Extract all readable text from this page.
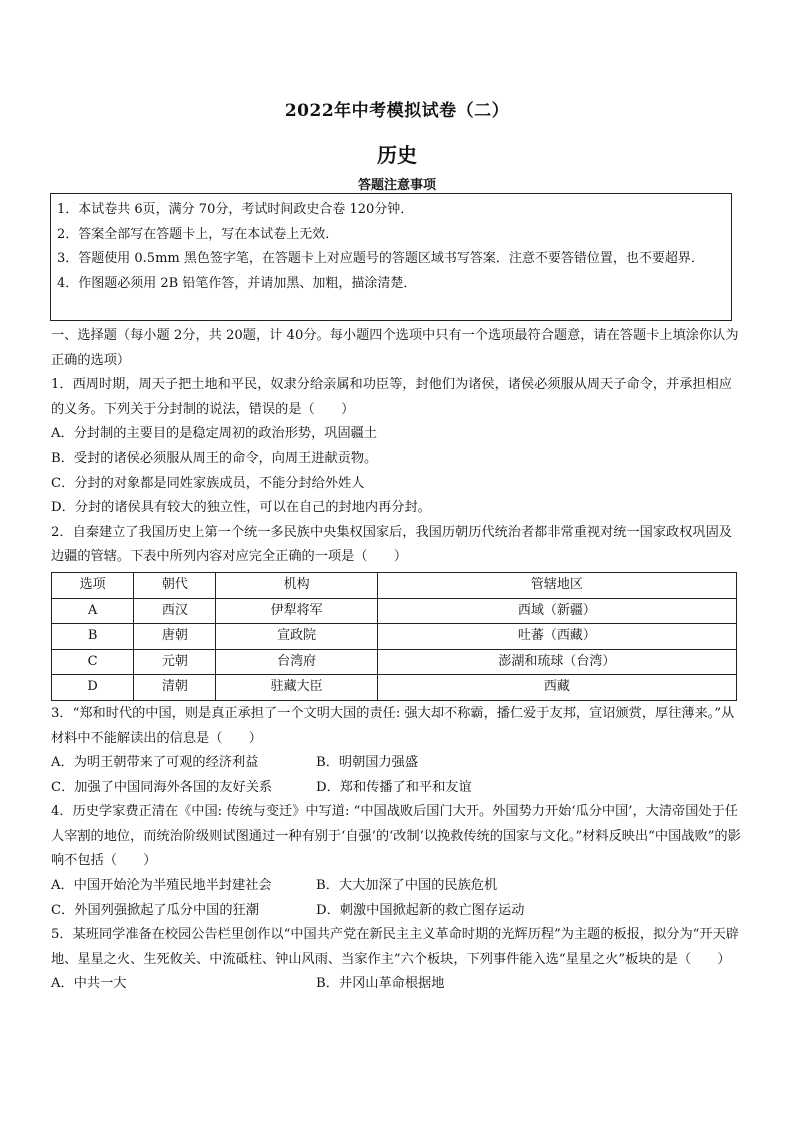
2022年中考模拟试卷（二）
历史
答题注意事项

1．本试卷共 6页，满分 70分，考试时间政史合卷 120分钟．

2．答案全部写在答题卡上，写在本试卷上无效．

3．答题使用 0.5mm 黑色签字笔，在答题卡上对应题号的答题区域书写答案．注意不要答错位置，也不要超界．

4．作图题必须用 2B 铅笔作答，并请加黑、加粗，描涂清楚．

一、选择题（每小题 2分，共 20题，计 40分。每小题四个选项中只有一个选项最符合题意，请在答题卡上填涂你认为正确的选项）

1．西周时期，周天子把土地和平民，奴隶分给亲属和功臣等，封他们为诸侯，诸侯必须服从周天子命令，并承担相应的义务。下列关于分封制的说法，错误的是（　　）

A．分封制的主要目的是稳定周初的政治形势，巩固疆土

B．受封的诸侯必须服从周王的命令，向周王进献贡物。

C．分封的对象都是同姓家族成员，不能分封给外姓人

D．分封的诸侯具有较大的独立性，可以在自己的封地内再分封。

2．自秦建立了我国历史上第一个统一多民族中央集权国家后，我国历朝历代统治者都非常重视对统一国家政权巩固及边疆的管辖。下表中所列内容对应完全正确的一项是（　　）

选项	朝代	机构	管辖地区
A	西汉	伊犁将军	西域（新疆）
B	唐朝	宣政院	吐蕃（西藏）
C	元朝	台湾府	澎湖和琉球（台湾）
D	清朝	驻藏大臣	西藏

3．“郑和时代的中国，则是真正承担了一个文明大国的责任: 强大却不称霸，播仁爱于友邦，宣诏颁赏，厚往薄来。”从材料中不能解读出的信息是（　　）

A．为明王朝带来了可观的经济利益	B．明朝国力强盛
C．加强了中国同海外各国的友好关系	D．郑和传播了和平和友谊

4．历史学家费正清在《中国: 传统与变迁》中写道: “中国战败后国门大开。外国势力开始‘瓜分中国’，大清帝国处于任人宰割的地位，而统治阶级则试图通过一种有别于‘自强’的‘改制’以挽救传统的国家与文化。”材料反映出“中国战败”的影响不包括（　　）

A．中国开始沦为半殖民地半封建社会	B．大大加深了中国的民族危机
C．外国列强掀起了瓜分中国的狂潮	D．刺激中国掀起新的救亡图存运动

5．某班同学准备在校园公告栏里创作以“中国共产党在新民主主义革命时期的光辉历程”为主题的板报，拟分为“开天辟地、星星之火、生死攸关、中流砥柱、钟山风雨、当家作主”六个板块，下列事件能入选“星星之火”板块的是（　　）

A．中共一大	B．井冈山革命根据地
